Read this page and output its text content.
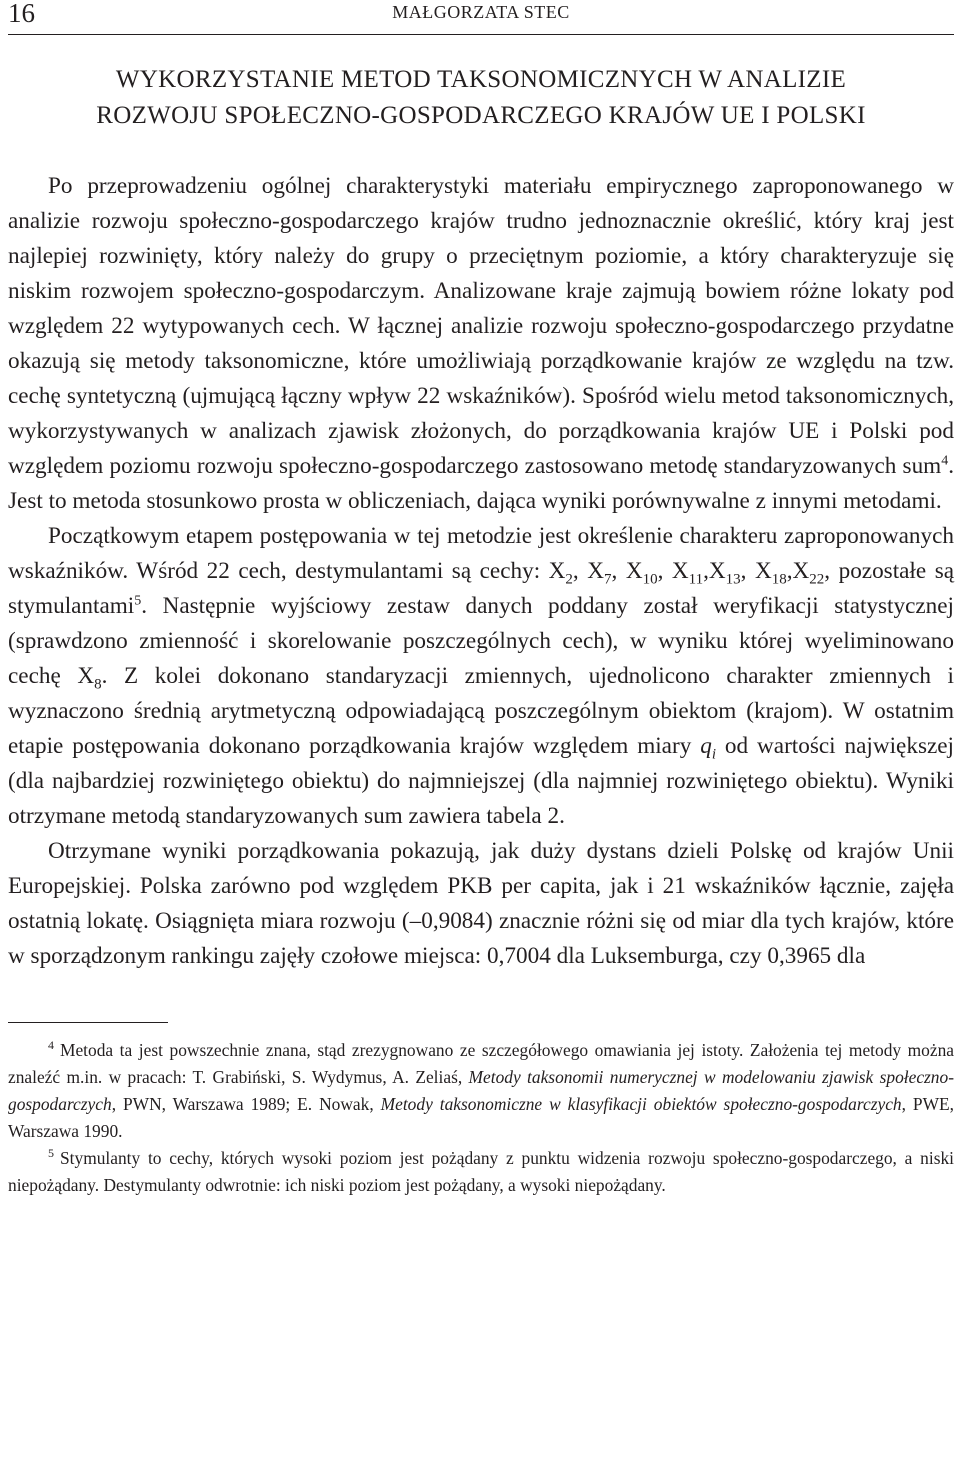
16	MAŁGORZATA STEC
WYKORZYSTANIE METOD TAKSONOMICZNYCH W ANALIZIE
ROZWOJU SPOŁECZNO-GOSPODARCZEGO KRAJÓW UE I POLSKI

Po przeprowadzeniu ogólnej charakterystyki materiału empirycznego zaproponowanego w analizie rozwoju społeczno-gospodarczego krajów trudno jednoznacznie określić, który kraj jest najlepiej rozwinięty, który należy do grupy o przeciętnym poziomie, a który charakteryzuje się niskim rozwojem społeczno-gospodarczym. Analizowane kraje zajmują bowiem różne lokaty pod względem 22 wytypowanych cech. W łącznej analizie rozwoju społeczno-gospodarczego przydatne okazują się metody taksonomiczne, które umożliwiają porządkowanie krajów ze względu na tzw. cechę syntetyczną (ujmującą łączny wpływ 22 wskaźników). Spośród wielu metod taksonomicznych, wykorzystywanych w analizach zjawisk złożonych, do porządkowania krajów UE i Polski pod względem poziomu rozwoju społeczno-gospodarczego zastosowano metodę standaryzowanych sum$^4$. Jest to metoda stosunkowo prosta w obliczeniach, dająca wyniki porównywalne z innymi metodami.

Początkowym etapem postępowania w tej metodzie jest określenie charakteru zaproponowanych wskaźników. Wśród 22 cech, destymulantami są cechy: $X_2$, $X_7$, $X_{10}$, $X_{11},X_{13}$, $X_{18},X_{22}$, pozostałe są stymulantami$^5$. Następnie wyjściowy zestaw danych poddany został weryfikacji statystycznej (sprawdzono zmienność i skorelowanie poszczególnych cech), w wyniku której wyeliminowano cechę $X_8$. Z kolei dokonano standaryzacji zmiennych, ujednolicono charakter zmiennych i wyznaczono średnią arytmetyczną odpowiadającą poszczególnym obiektom (krajom). W ostatnim etapie postępowania dokonano porządkowania krajów względem miary $q_i$ od wartości największej (dla najbardziej rozwiniętego obiektu) do najmniejszej (dla najmniej rozwiniętego obiektu). Wyniki otrzymane metodą standaryzowanych sum zawiera tabela 2.

Otrzymane wyniki porządkowania pokazują, jak duży dystans dzieli Polskę od krajów Unii Europejskiej. Polska zarówno pod względem PKB per capita, jak i 21 wskaźników łącznie, zajęła ostatnią lokatę. Osiągnięta miara rozwoju (–0,9084) znacznie różni się od miar dla tych krajów, które w sporządzonym rankingu zajęły czołowe miejsca: 0,7004 dla Luksemburga, czy 0,3965 dla

$^4$ Metoda ta jest powszechnie znana, stąd zrezygnowano ze szczegółowego omawiania jej istoty. Założenia tej metody można znaleźć m.in. w pracach: T. Grabiński, S. Wydymus, A. Zeliaś, Metody taksonomii numerycznej w modelowaniu zjawisk społeczno-gospodarczych, PWN, Warszawa 1989; E. Nowak, Metody taksonomiczne w klasyfikacji obiektów społeczno-gospodarczych, PWE, Warszawa 1990.

$^5$ Stymulanty to cechy, których wysoki poziom jest pożądany z punktu widzenia rozwoju społeczno-gospodarczego, a niski niepożądany. Destymulanty odwrotnie: ich niski poziom jest pożądany, a wysoki niepożądany.
